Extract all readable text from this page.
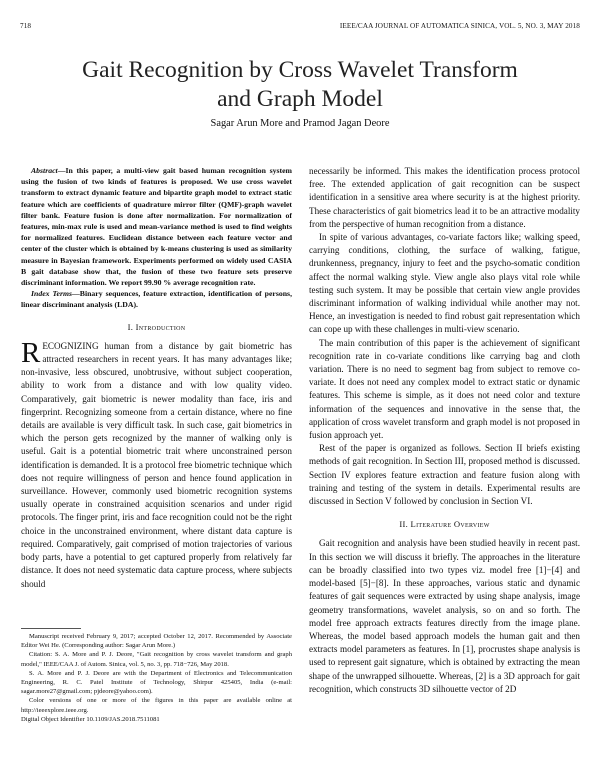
718	IEEE/CAA JOURNAL OF AUTOMATICA SINICA, VOL. 5, NO. 3, MAY 2018
Gait Recognition by Cross Wavelet Transform
and Graph Model
Sagar Arun More and Pramod Jagan Deore

Abstract—In this paper, a multi-view gait based human recognition system using the fusion of two kinds of features is proposed. We use cross wavelet transform to extract dynamic feature and bipartite graph model to extract static feature which are coefficients of quadrature mirror filter (QMF)-graph wavelet filter bank. Feature fusion is done after normalization. For normalization of features, min-max rule is used and mean-variance method is used to find weights for normalized features. Euclidean distance between each feature vector and center of the cluster which is obtained by k-means clustering is used as similarity measure in Bayesian framework. Experiments performed on widely used CASIA B gait database show that, the fusion of these two feature sets preserve discriminant information. We report 99.90 % average recognition rate.

Index Terms—Binary sequences, feature extraction, identification of persons, linear discriminant analysis (LDA).

I. Introduction

RECOGNIZING human from a distance by gait biometric has attracted researchers in recent years. It has many advantages like; non-invasive, less obscured, unobtrusive, without subject cooperation, ability to work from a distance and with low quality video. Comparatively, gait biometric is newer modality than face, iris and fingerprint. Recognizing someone from a certain distance, where no fine details are available is very difficult task. In such case, gait biometrics in which the person gets recognized by the manner of walking only is useful. Gait is a potential biometric trait where unconstrained person identification is demanded. It is a protocol free biometric technique which does not require willingness of person and hence found application in surveillance. However, commonly used biometric recognition systems usually operate in constrained acquisition scenarios and under rigid protocols. The finger print, iris and face recognition could not be the right choice in the unconstrained environment, where distant data capture is required. Comparatively, gait comprised of motion trajectories of various body parts, have a potential to get captured properly from relatively far distance. It does not need systematic data capture process, where subjects should

necessarily be informed. This makes the identification process protocol free. The extended application of gait recognition can be suspect identification in a sensitive area where security is at the highest priority. These characteristics of gait biometrics lead it to be an attractive modality from the perspective of human recognition from a distance.

In spite of various advantages, co-variate factors like; walking speed, carrying conditions, clothing, the surface of walking, fatigue, drunkenness, pregnancy, injury to feet and the psycho-somatic condition affect the normal walking style. View angle also plays vital role while testing such system. It may be possible that certain view angle provides discriminant information of walking individual while another may not. Hence, an investigation is needed to find robust gait representation which can cope up with these challenges in multi-view scenario.

The main contribution of this paper is the achievement of significant recognition rate in co-variate conditions like carrying bag and cloth variation. There is no need to segment bag from subject to remove co-variate. It does not need any complex model to extract static or dynamic features. This scheme is simple, as it does not need color and texture information of the sequences and innovative in the sense that, the application of cross wavelet transform and graph model is not proposed in fusion approach yet.

Rest of the paper is organized as follows. Section II briefs existing methods of gait recognition. In Section III, proposed method is discussed. Section IV explores feature extraction and feature fusion along with training and testing of the system in details. Experimental results are discussed in Section V followed by conclusion in Section VI.

II. Literature Overview

Gait recognition and analysis have been studied heavily in recent past. In this section we will discuss it briefly. The approaches in the literature can be broadly classified into two types viz. model free [1]−[4] and model-based [5]−[8]. In these approaches, various static and dynamic features of gait sequences were extracted by using shape analysis, image geometry transformations, wavelet analysis, so on and so forth. The model free approach extracts features directly from the image plane. Whereas, the model based approach models the human gait and then extracts model parameters as features. In [1], procrustes shape analysis is used to represent gait signature, which is obtained by extracting the mean shape of the unwrapped silhouette. Whereas, [2] is a 3D approach for gait recognition, which constructs 3D silhouette vector of 2D

Manuscript received February 9, 2017; accepted October 12, 2017. Recommended by Associate Editor Wei He. (Corresponding author: Sagar Arun More.)

Citation: S. A. More and P. J. Deore, "Gait recognition by cross wavelet transform and graph model," IEEE/CAA J. of Autom. Sinica, vol. 5, no. 3, pp. 718−726, May 2018.

S. A. More and P. J. Deore are with the Department of Electronics and Telecommunication Engineering, R. C. Patel Institute of Technology, Shirpur 425405, India (e-mail: sagar.more27@gmail.com; pjdeore@yahoo.com).

Color versions of one or more of the figures in this paper are available online at http://ieeexplore.ieee.org.

Digital Object Identifier 10.1109/JAS.2018.7511081
